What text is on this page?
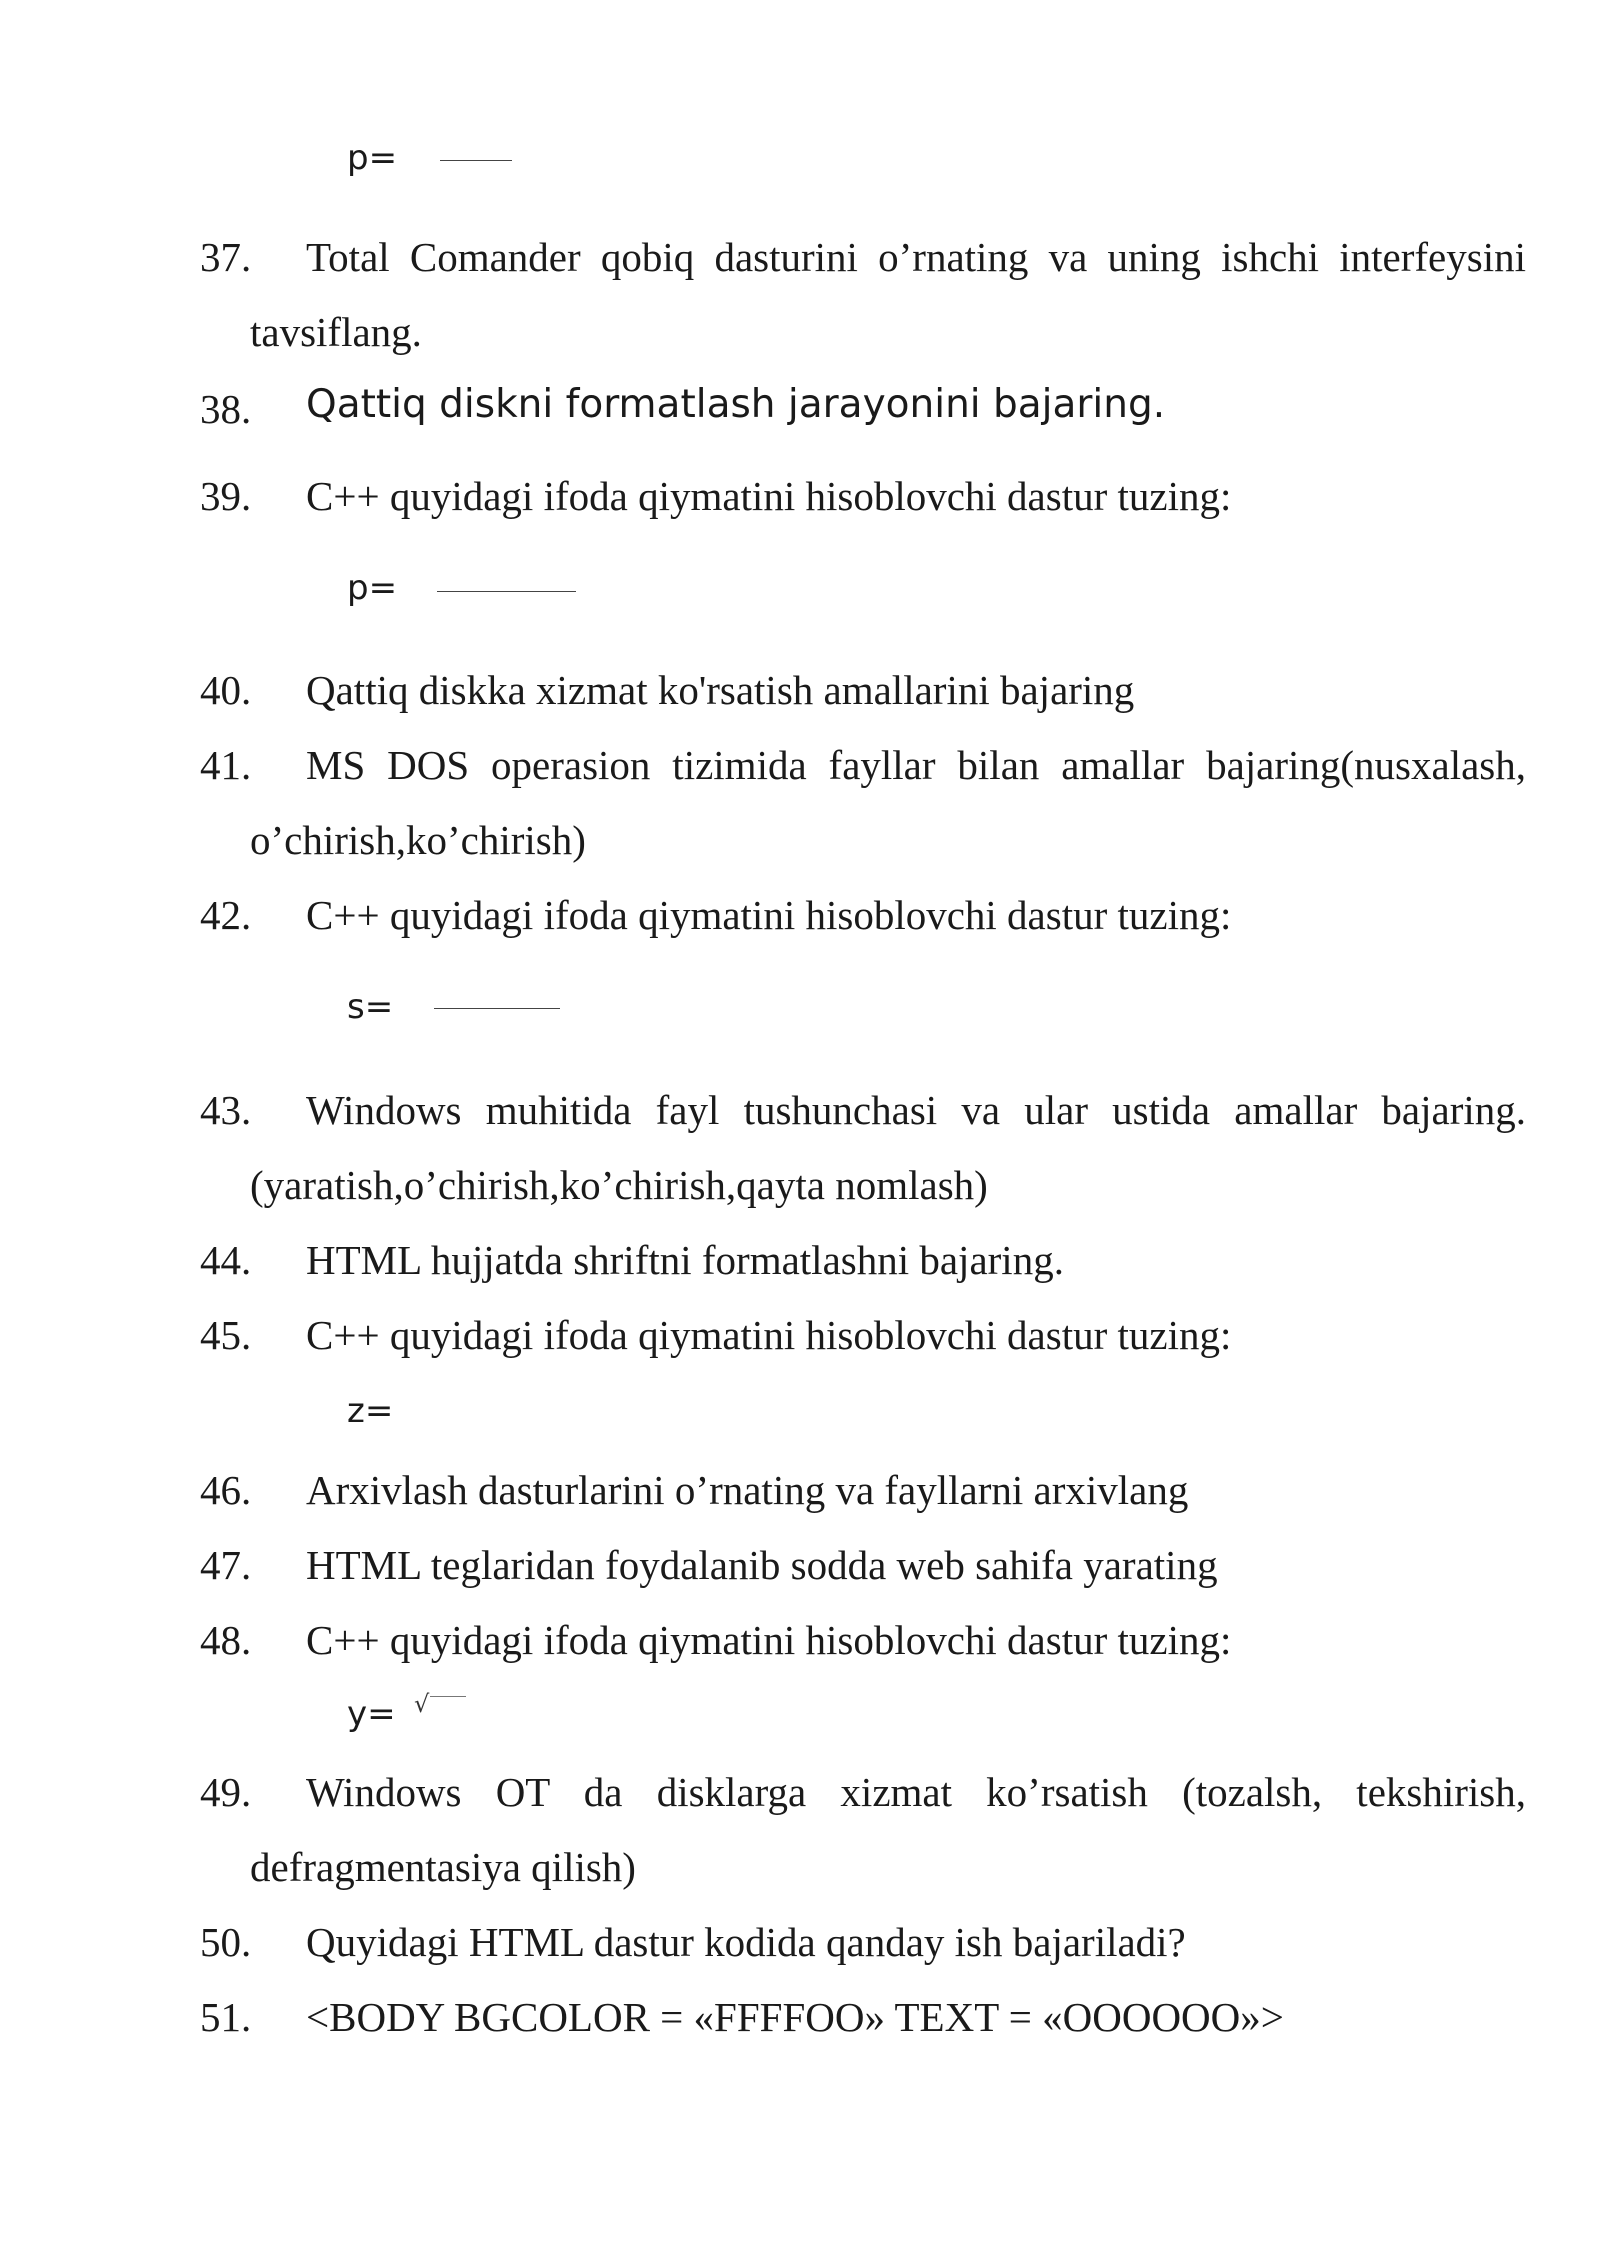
p=
37. Total Comander qobiq dasturini o’rnating va uning ishchi interfeysini
tavsiflang.
38. Qattiq diskni formatlash jarayonini bajaring.
39. C++ quyidagi ifoda qiymatini hisoblovchi dastur tuzing:
p=
40. Qattiq diskka xizmat ko'rsatish amallarini bajaring
41. MS DOS operasion tizimida fayllar bilan amallar bajaring(nusxalash,
o’chirish,ko’chirish)
42. C++ quyidagi ifoda qiymatini hisoblovchi dastur tuzing:
s=
43. Windows muhitida fayl tushunchasi va ular ustida amallar bajaring.
(yaratish,o’chirish,ko’chirish,qayta nomlash)
44. HTML hujjatda shriftni formatlashni bajaring.
45. C++ quyidagi ifoda qiymatini hisoblovchi dastur tuzing:
z=
46. Arxivlash dasturlarini o’rnating va fayllarni arxivlang
47. HTML teglaridan foydalanib sodda web sahifa yarating
48. C++ quyidagi ifoda qiymatini hisoblovchi dastur tuzing:
y= √
49. Windows OT da disklarga xizmat ko’rsatish (tozalsh, tekshirish,
defragmentasiya qilish)
50. Quyidagi HTML dastur kodida qanday ish bajariladi?
51. <BODY BGCOLOR = «FFFFOO» TEXT = «OOOOOO»>
